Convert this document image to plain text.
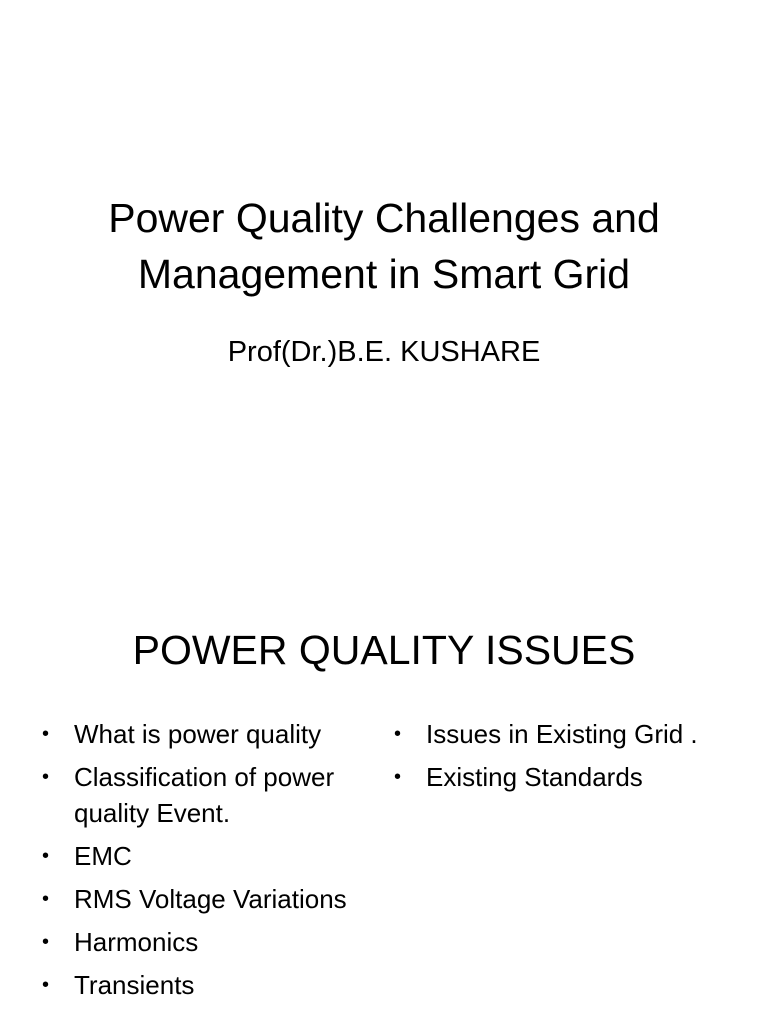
Power Quality Challenges and Management in Smart Grid

Prof(Dr.)B.E. KUSHARE

POWER QUALITY ISSUES
• What is power quality
• Classification of power quality Event.
• EMC
• RMS Voltage Variations
• Harmonics
• Transients
• Issues in Existing Grid .
• Existing Standards
